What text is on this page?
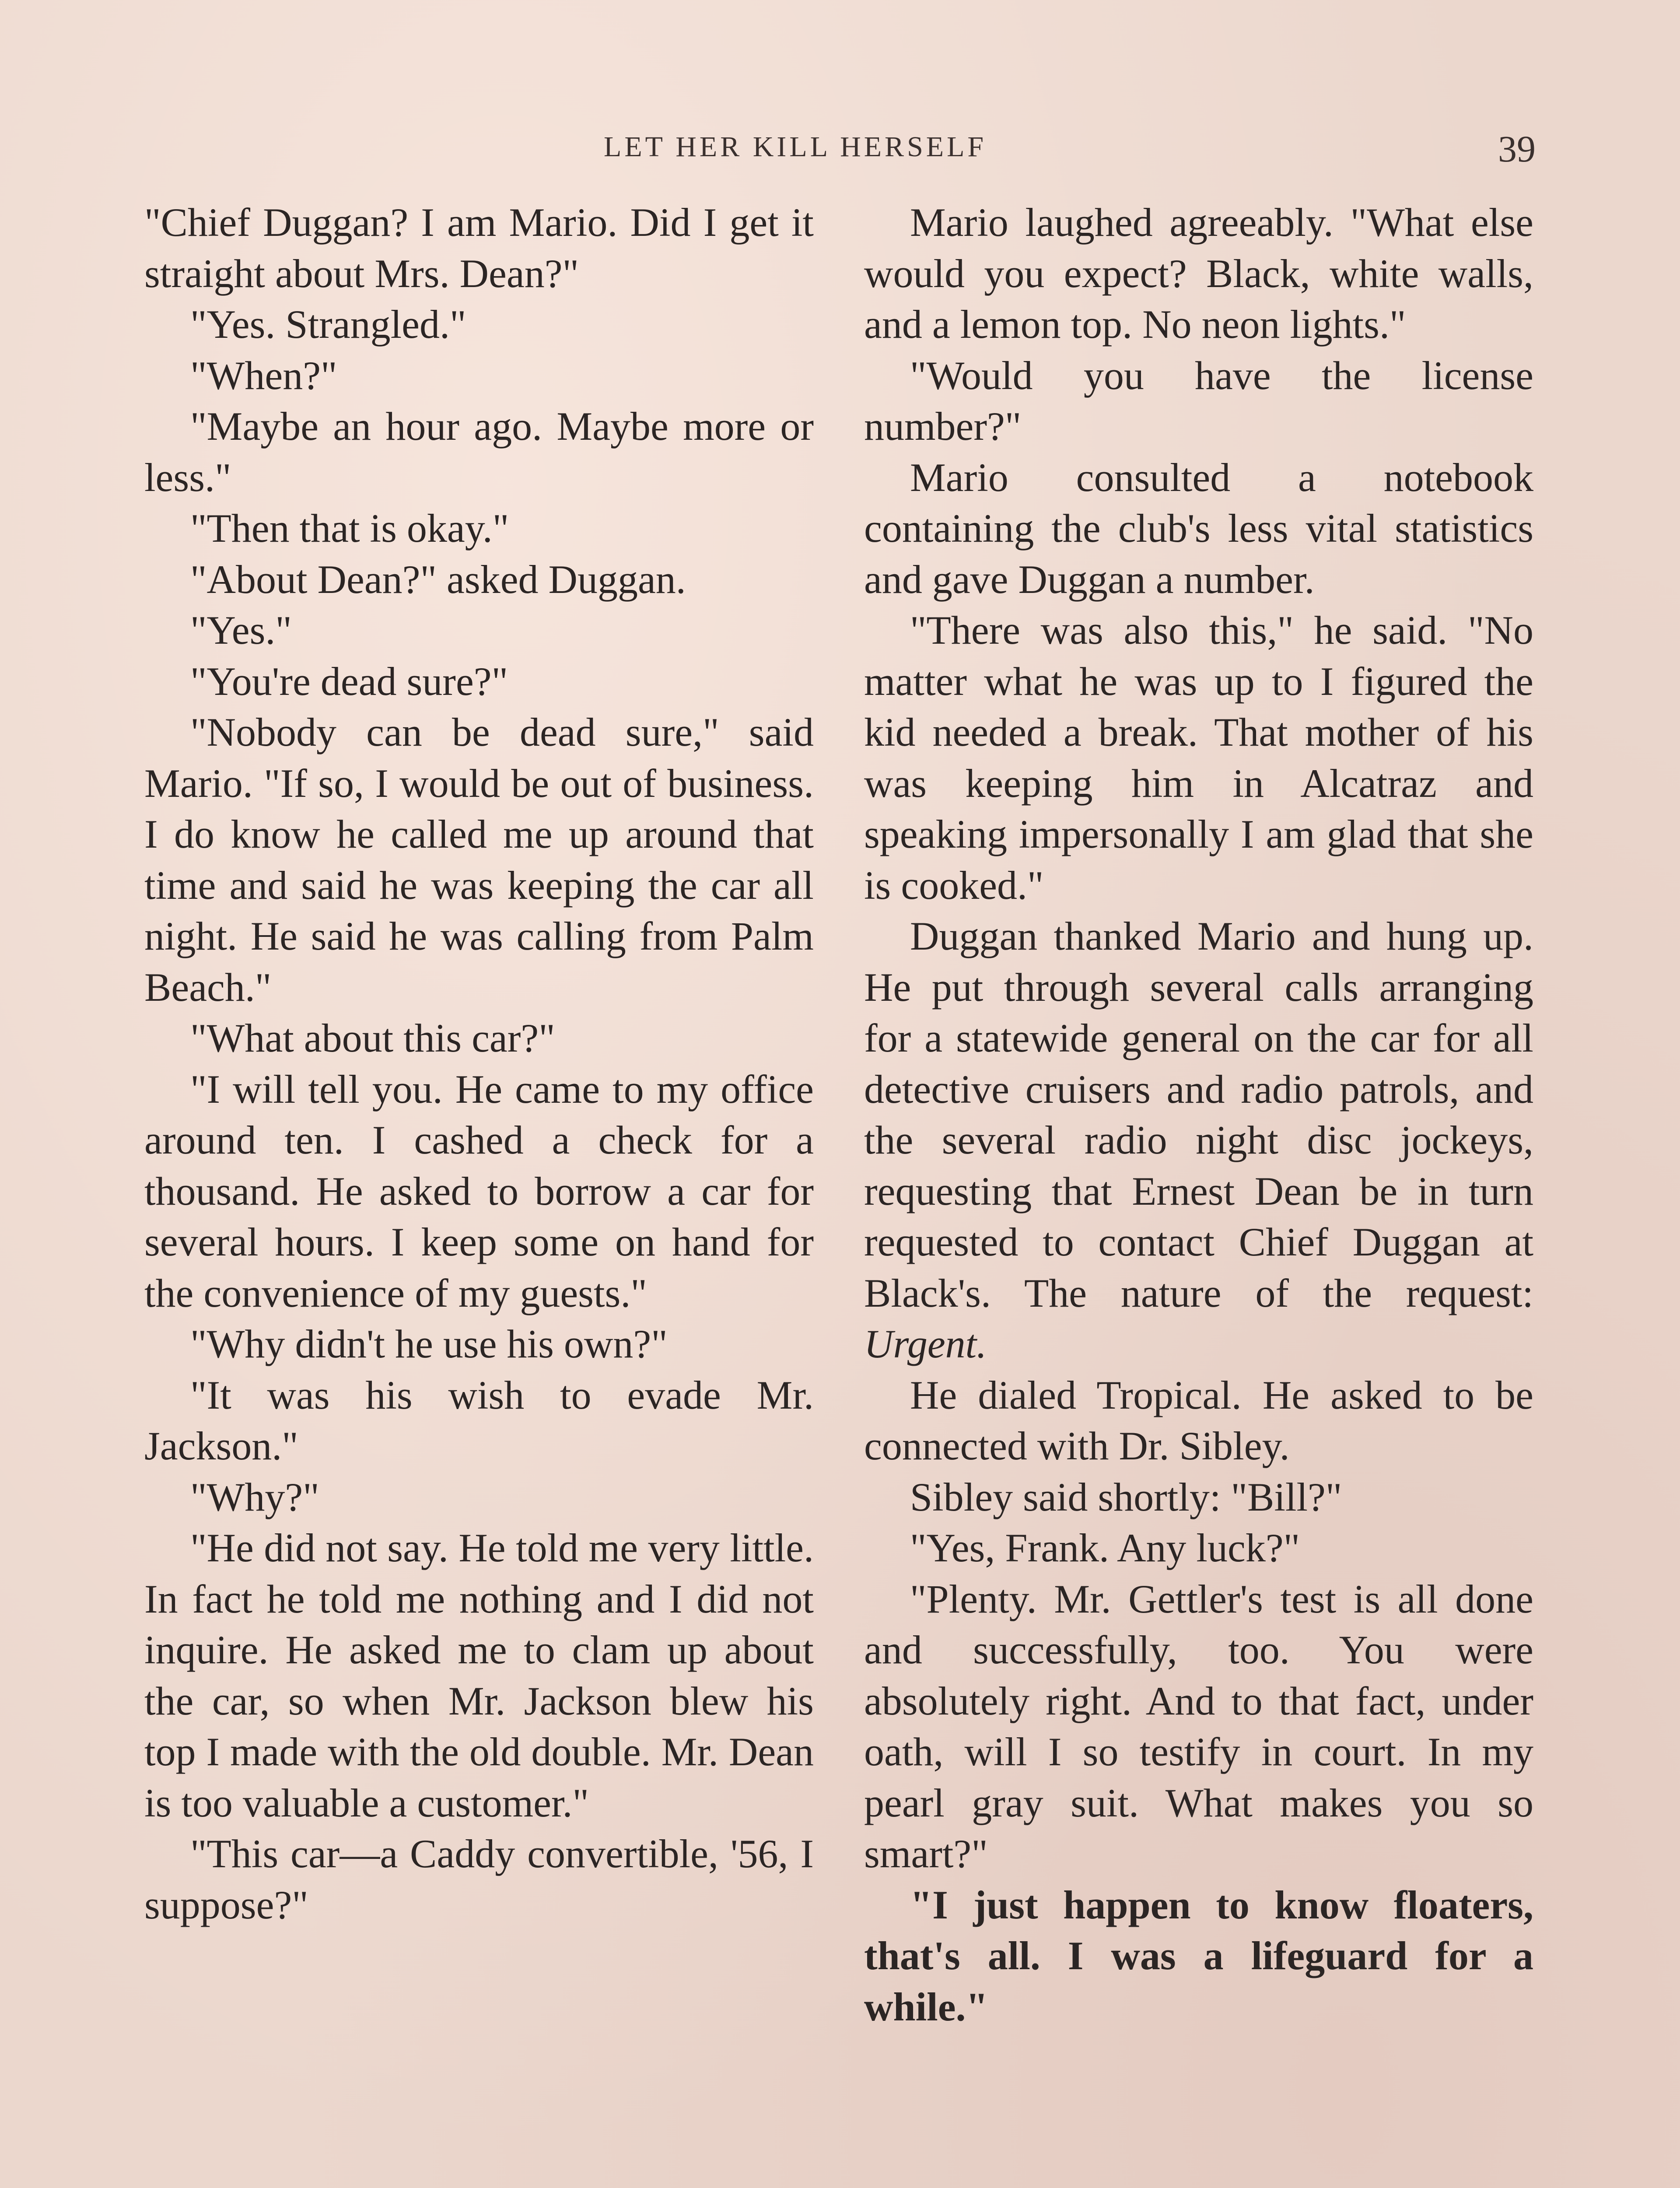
LET HER KILL HERSELF	39

"Chief Duggan? I am Mario. Did I get it straight about Mrs. Dean?"

"Yes. Strangled."

"When?"

"Maybe an hour ago. Maybe more or less."

"Then that is okay."

"About Dean?" asked Duggan.

"Yes."

"You're dead sure?"

"Nobody can be dead sure," said Mario. "If so, I would be out of business. I do know he called me up around that time and said he was keeping the car all night. He said he was calling from Palm Beach."

"What about this car?"

"I will tell you. He came to my office around ten. I cashed a check for a thousand. He asked to borrow a car for several hours. I keep some on hand for the convenience of my guests."

"Why didn't he use his own?"

"It was his wish to evade Mr. Jackson."

"Why?"

"He did not say. He told me very little. In fact he told me nothing and I did not inquire. He asked me to clam up about the car, so when Mr. Jackson blew his top I made with the old double. Mr. Dean is too valuable a customer."

"This car—a Caddy convertible, '56, I suppose?"

Mario laughed agreeably. "What else would you expect? Black, white walls, and a lemon top. No neon lights."

"Would you have the license number?"

Mario consulted a notebook containing the club's less vital statistics and gave Duggan a number.

"There was also this," he said. "No matter what he was up to I figured the kid needed a break. That mother of his was keeping him in Alcatraz and speaking impersonally I am glad that she is cooked."

Duggan thanked Mario and hung up. He put through several calls arranging for a statewide general on the car for all detective cruisers and radio patrols, and the several radio night disc jockeys, requesting that Ernest Dean be in turn requested to contact Chief Duggan at Black's. The nature of the request: Urgent.

He dialed Tropical. He asked to be connected with Dr. Sibley.

Sibley said shortly: "Bill?"

"Yes, Frank. Any luck?"

"Plenty. Mr. Gettler's test is all done and successfully, too. You were absolutely right. And to that fact, under oath, will I so testify in court. In my pearl gray suit. What makes you so smart?"

"I just happen to know floaters, that's all. I was a lifeguard for a while."
